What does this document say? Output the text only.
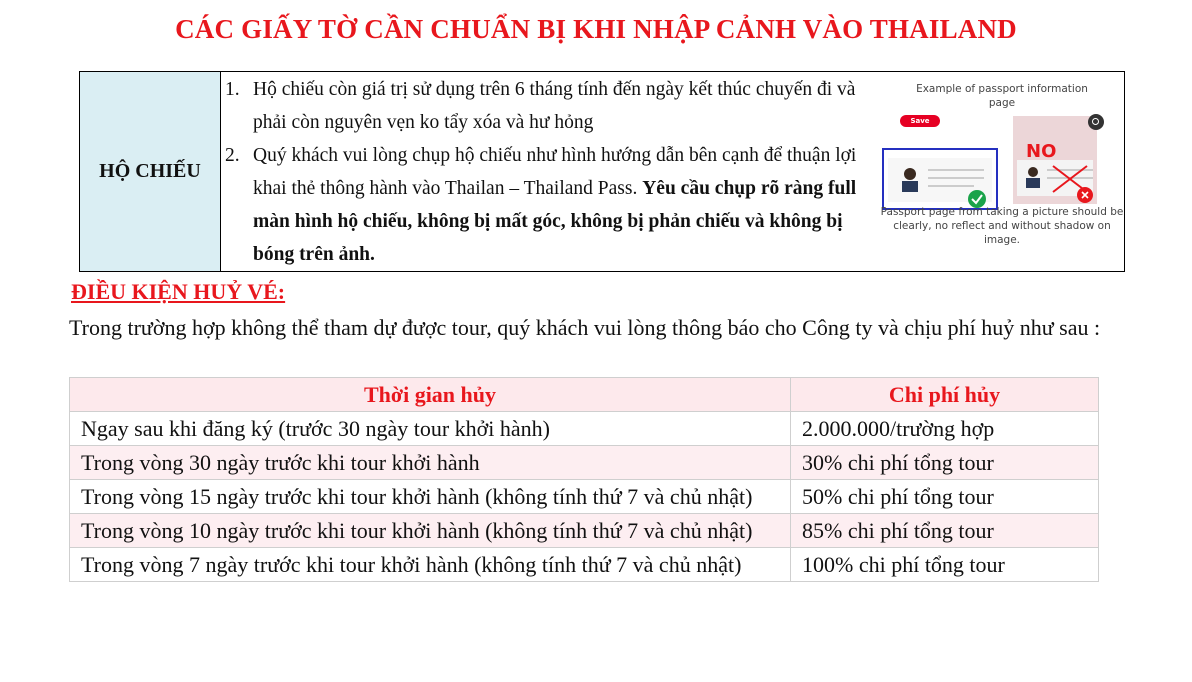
CÁC GIẤY TỜ CẦN CHUẨN BỊ KHI NHẬP CẢNH VÀO THAILAND
HỘ CHIẾU
1. Hộ chiếu còn giá trị sử dụng trên 6 tháng tính đến ngày kết thúc chuyến đi và phải còn nguyên vẹn ko tẩy xóa và hư hỏng
2. Quý khách vui lòng chụp hộ chiếu như hình hướng dẫn bên cạnh để thuận lợi khai thẻ thông hành vào Thailan – Thailand Pass. Yêu cầu chụp rõ ràng full màn hình hộ chiếu, không bị mất góc, không bị phản chiếu và không bị bóng trên ảnh.
Example of passport information page
Save
NO
Passport page from taking a picture should be clearly, no reflect and without shadow on image.
ĐIỀU KIỆN HUỶ VÉ:
Trong trường hợp không thể tham dự được tour, quý khách vui lòng thông báo cho Công ty và chịu phí huỷ như sau :
Thời gian hủy	Chi phí hủy
Ngay sau khi đăng ký (trước 30 ngày tour khởi hành)	2.000.000/trường hợp
Trong vòng 30 ngày trước khi tour khởi hành	30% chi phí tổng tour
Trong vòng 15 ngày trước khi tour khởi hành (không tính thứ 7 và chủ nhật)	50% chi phí tổng tour
Trong vòng 10 ngày trước khi tour khởi hành (không tính thứ 7 và chủ nhật)	85% chi phí tổng tour
Trong vòng 7 ngày trước khi tour khởi hành (không tính thứ 7 và chủ nhật)	100% chi phí tổng tour
